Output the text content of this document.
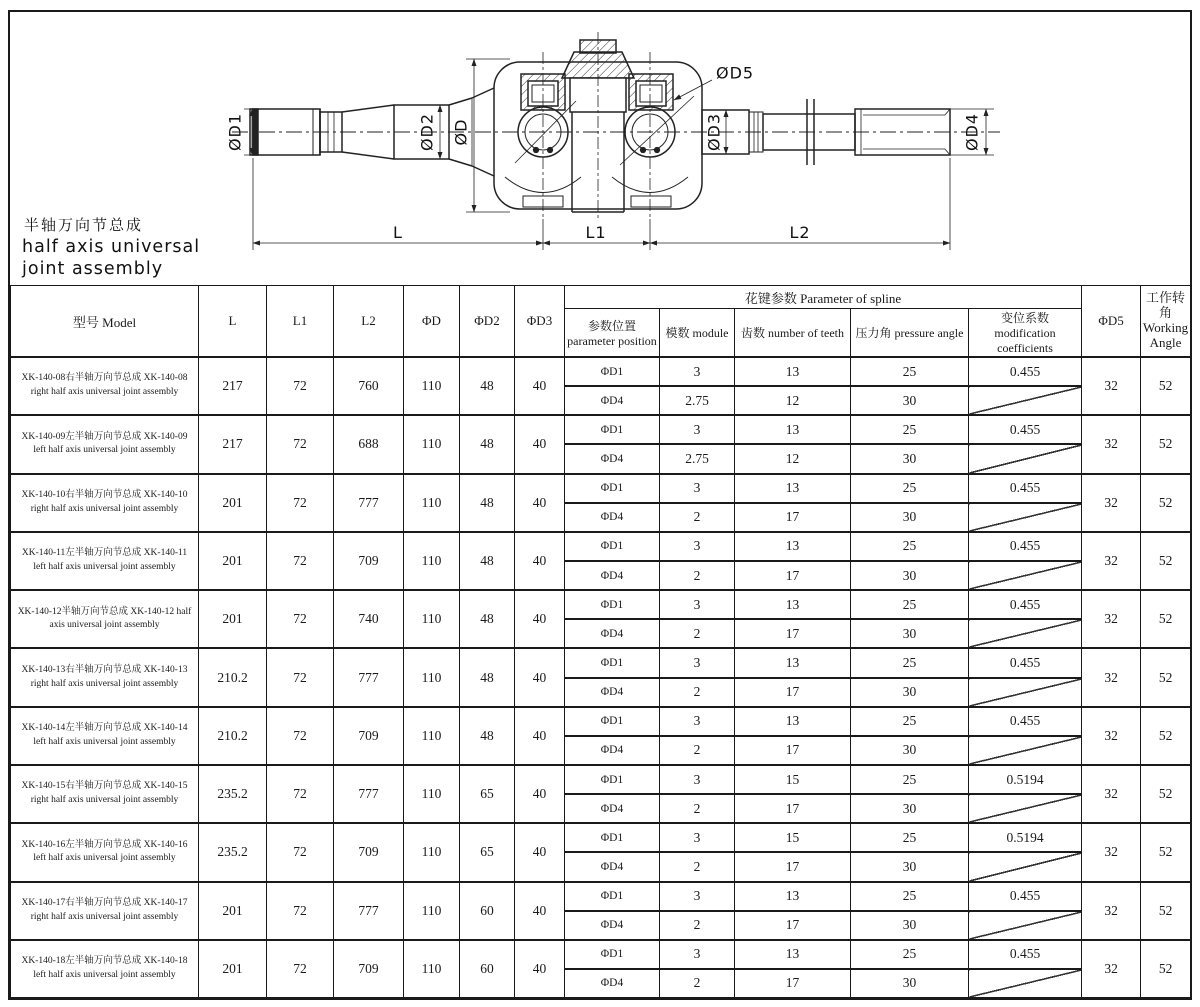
ØD1	ØD2 ØD
ØD5
ØD3	ØD4
L	L1	L2
半轴万向节总成
half axis universal
joint assembly
型号 Model	L	L1	L2	ΦD	ΦD2	ΦD3	花键参数 Parameter of spline					ΦD5	工作转角
Working Angle
							参数位置 parameter position	模数 module	齿数 number of teeth	压力角 pressure angle	变位系数 modification coefficients		
XK-140-08右半轴万向节总成 XK-140-08 right half axis universal joint assembly	217	72	760	110	48	40	ΦD1	3	13	25	0.455	32	52
							ΦD4	2.75	12	30			
XK-140-09左半轴万向节总成 XK-140-09 left half axis universal joint assembly	217	72	688	110	48	40	ΦD1	3	13	25	0.455	32	52
							ΦD4	2.75	12	30			
XK-140-10右半轴万向节总成 XK-140-10 right half axis universal joint assembly	201	72	777	110	48	40	ΦD1	3	13	25	0.455	32	52
							ΦD4	2	17	30			
XK-140-11左半轴万向节总成 XK-140-11 left half axis universal joint assembly	201	72	709	110	48	40	ΦD1	3	13	25	0.455	32	52
							ΦD4	2	17	30			
XK-140-12半轴万向节总成 XK-140-12 half axis universal joint assembly	201	72	740	110	48	40	ΦD1	3	13	25	0.455	32	52
							ΦD4	2	17	30			
XK-140-13右半轴万向节总成 XK-140-13 right half axis universal joint assembly	210.2	72	777	110	48	40	ΦD1	3	13	25	0.455	32	52
							ΦD4	2	17	30			
XK-140-14左半轴万向节总成 XK-140-14 left half axis universal joint assembly	210.2	72	709	110	48	40	ΦD1	3	13	25	0.455	32	52
							ΦD4	2	17	30			
XK-140-15右半轴万向节总成 XK-140-15 right half axis universal joint assembly	235.2	72	777	110	65	40	ΦD1	3	15	25	0.5194	32	52
							ΦD4	2	17	30			
XK-140-16左半轴万向节总成 XK-140-16 left half axis universal joint assembly	235.2	72	709	110	65	40	ΦD1	3	15	25	0.5194	32	52
							ΦD4	2	17	30			
XK-140-17右半轴万向节总成 XK-140-17 right half axis universal joint assembly	201	72	777	110	60	40	ΦD1	3	13	25	0.455	32	52
							ΦD4	2	17	30			
XK-140-18左半轴万向节总成 XK-140-18 left half axis universal joint assembly	201	72	709	110	60	40	ΦD1	3	13	25	0.455	32	52
							ΦD4	2	17	30			
